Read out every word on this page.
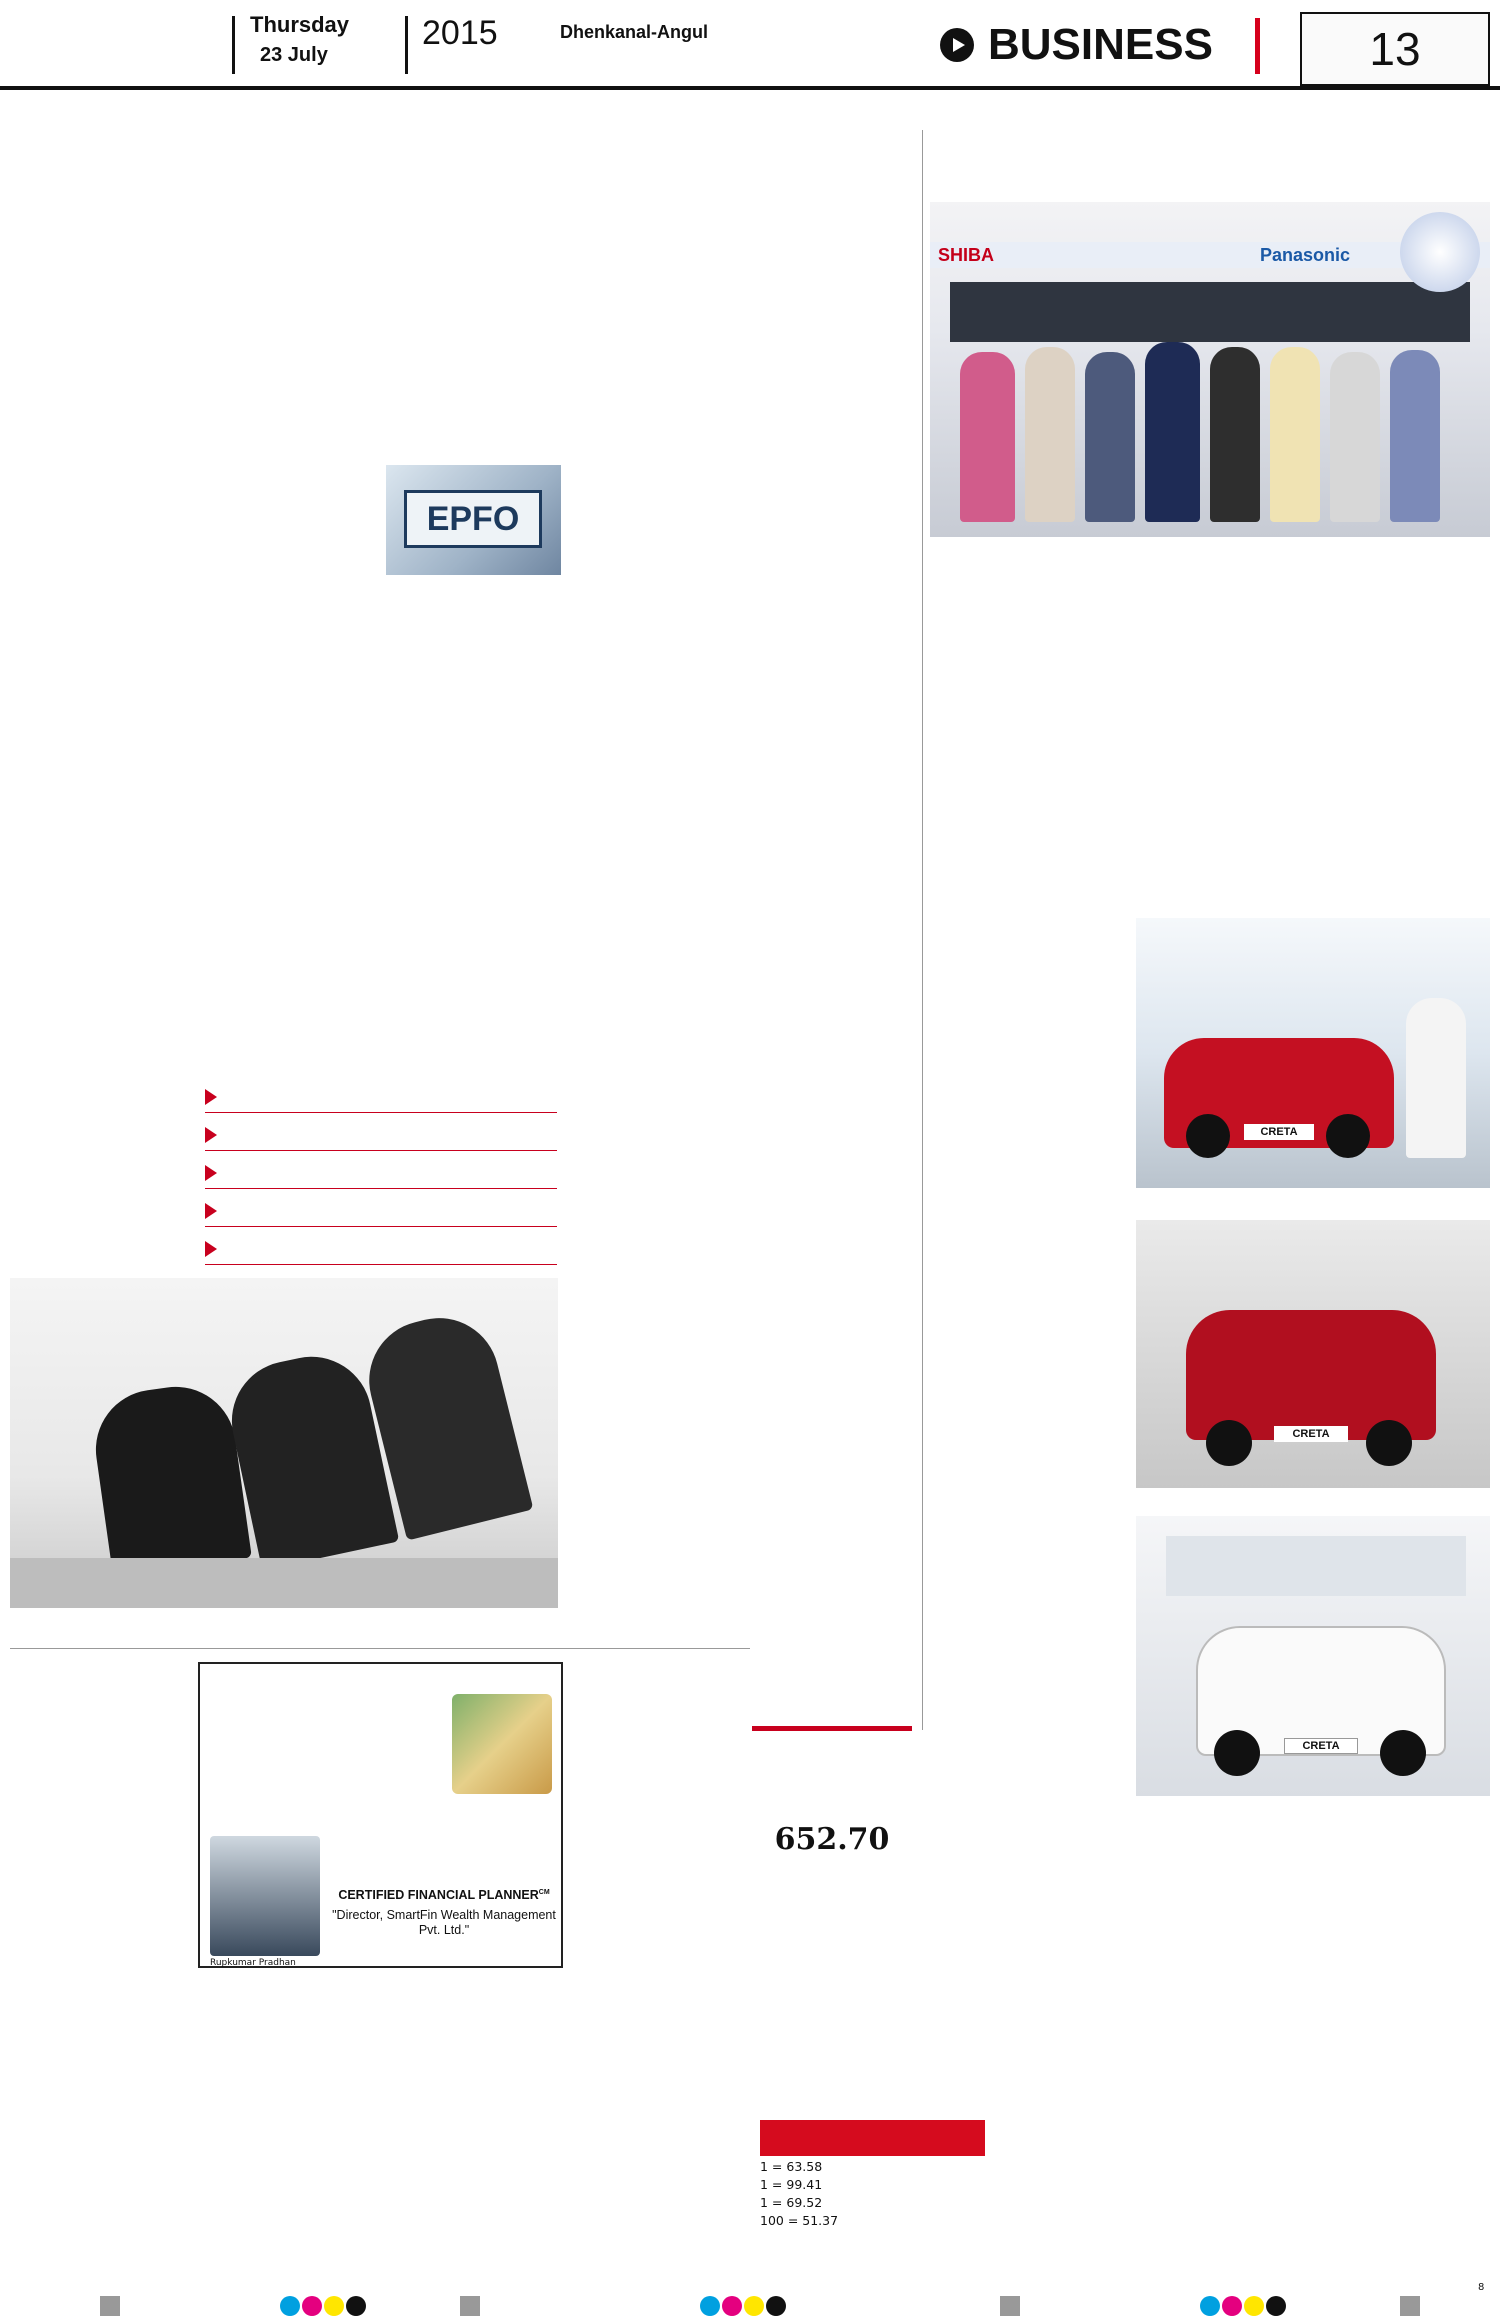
Thursday
23 July
2015	Dhenkanal-Angul	BUSINESS	13
EPFO
SHIBA	Panasonic
CRETA
CRETA
CRETA
652.70
Rupkumar Pradhan
CERTIFIED FINANCIAL $PLANNER^{CM}$
"Director, SmartFin Wealth Management Pvt. Ltd."
1 = 63.58
1 = 99.41
1 = 69.52
100 = 51.37
8
